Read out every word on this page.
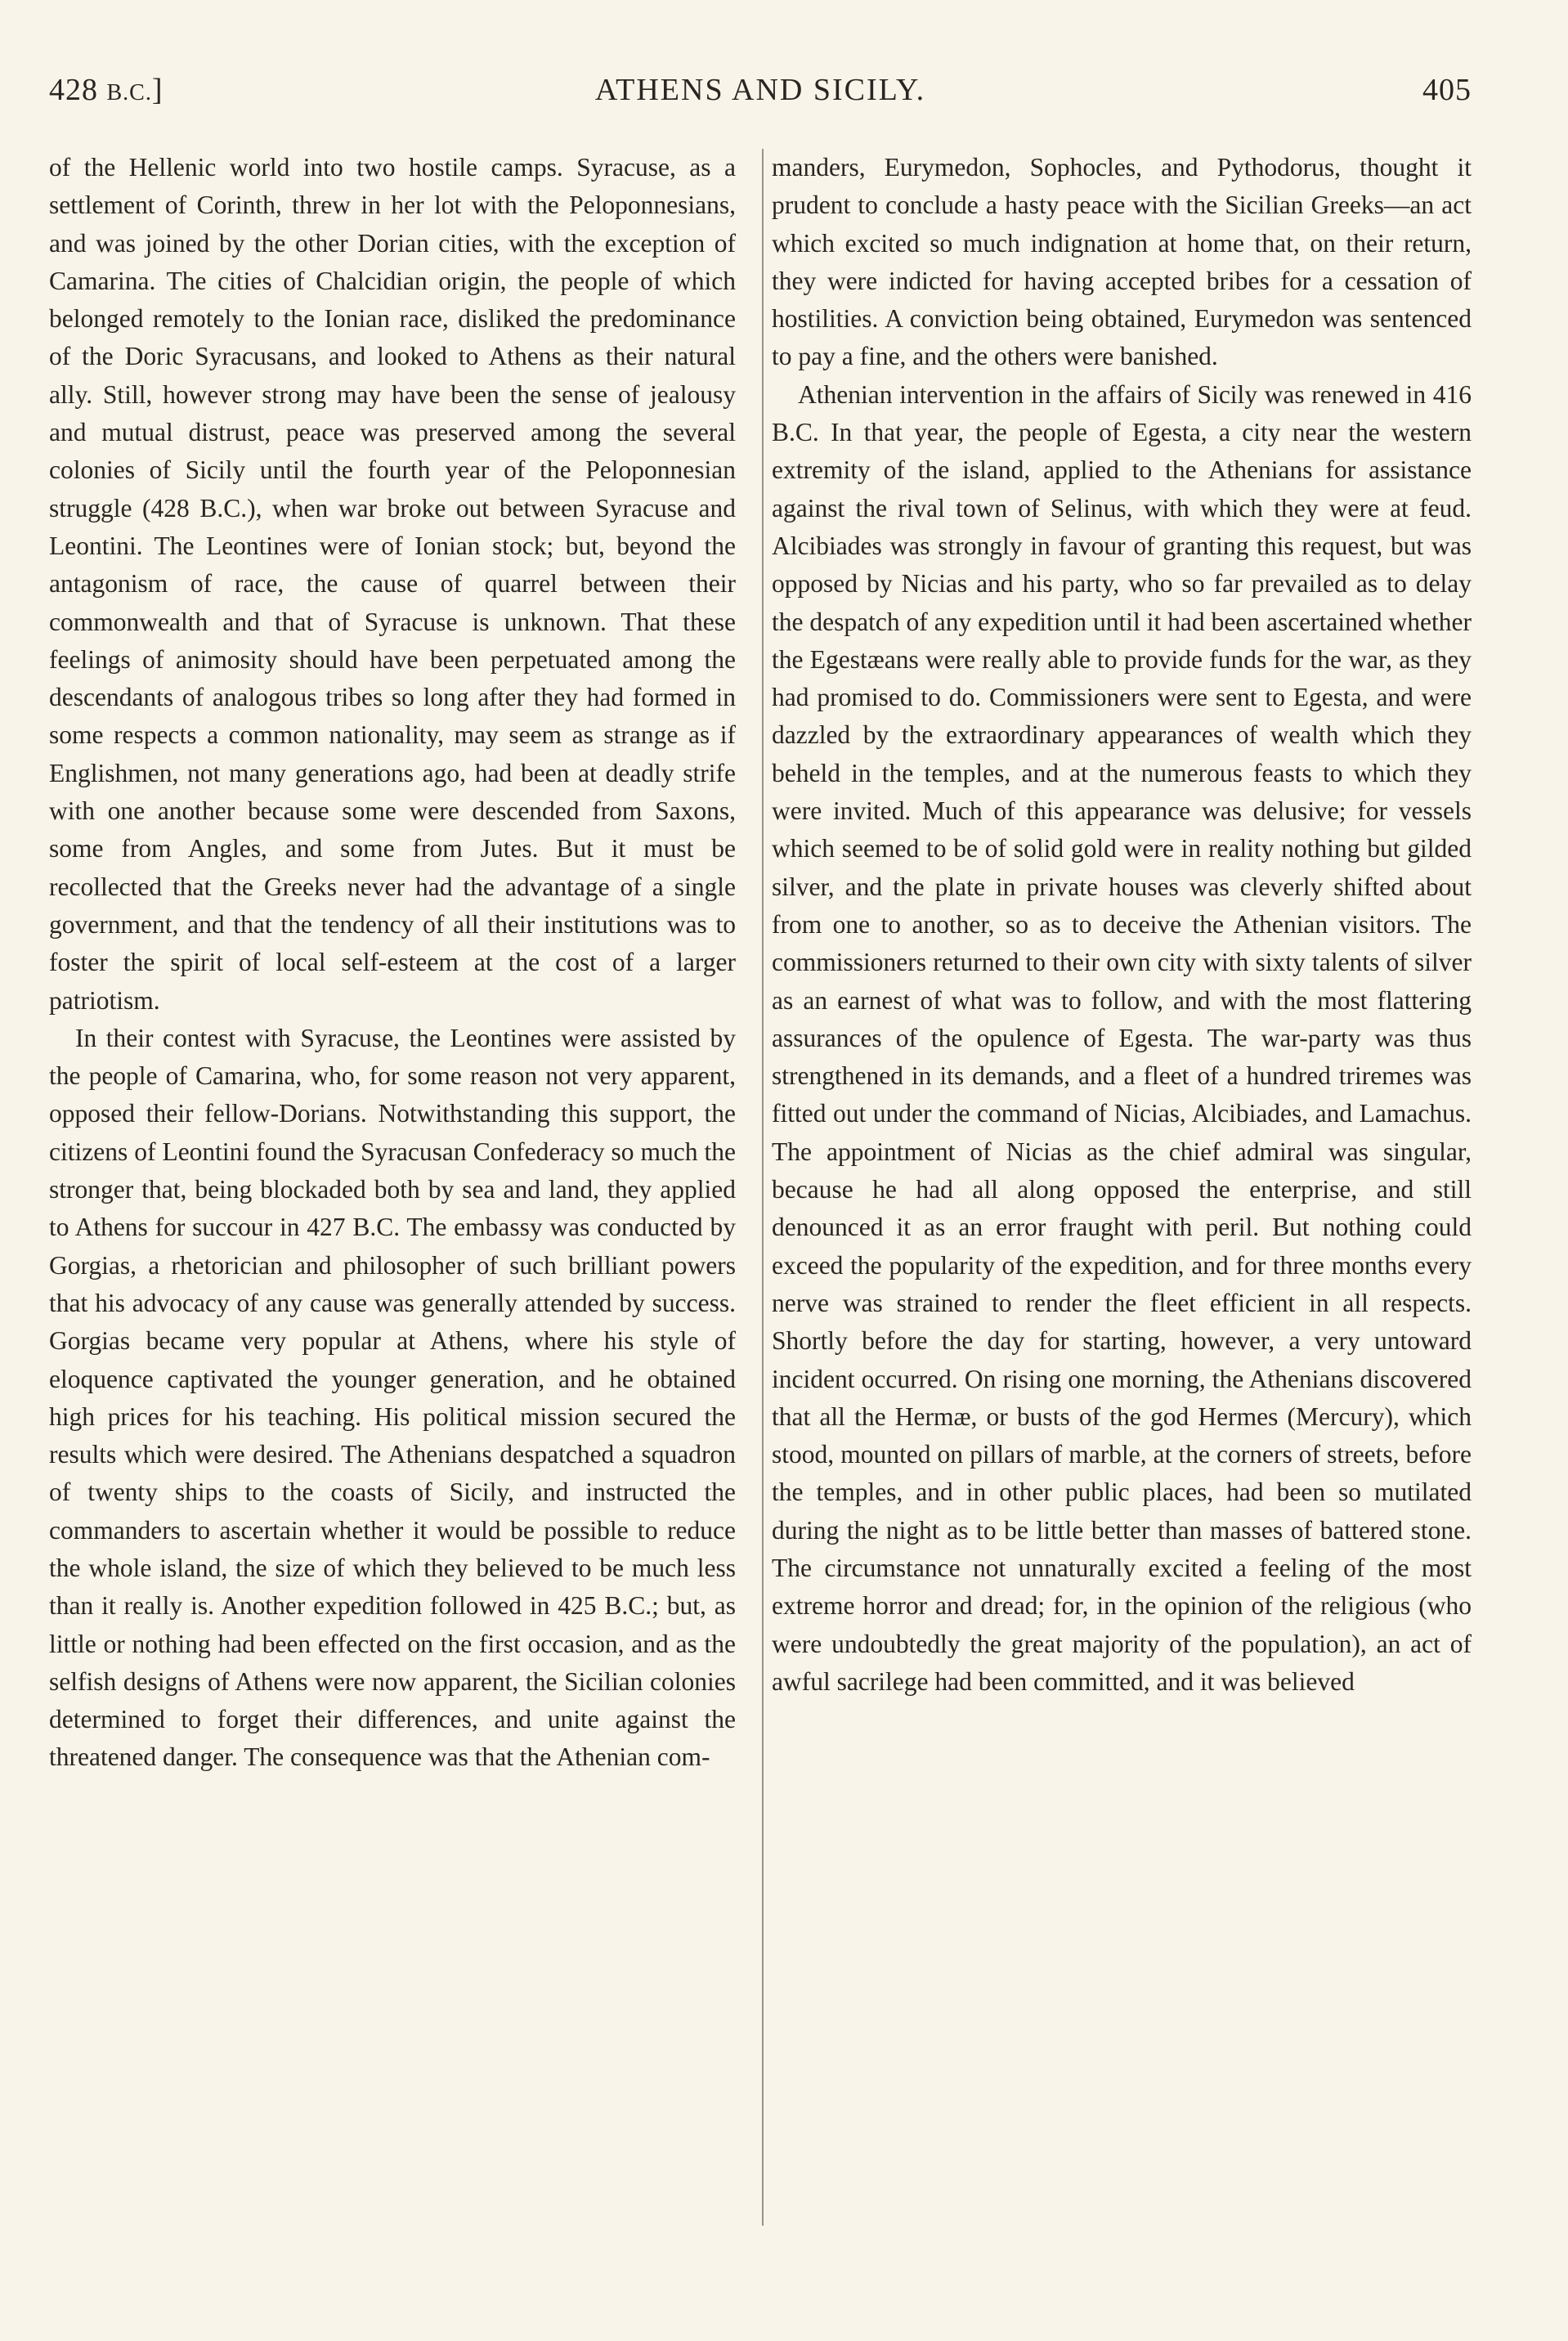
428 B.C.]	ATHENS AND SICILY.	405

of the Hellenic world into two hostile camps. Syracuse, as a settlement of Corinth, threw in her lot with the Peloponnesians, and was joined by the other Dorian cities, with the exception of Camarina. The cities of Chalcidian origin, the people of which belonged remotely to the Ionian race, disliked the predominance of the Doric Syracusans, and looked to Athens as their natural ally. Still, however strong may have been the sense of jealousy and mutual distrust, peace was preserved among the several colonies of Sicily until the fourth year of the Peloponnesian struggle (428 B.C.), when war broke out between Syracuse and Leontini. The Leontines were of Ionian stock; but, beyond the antagonism of race, the cause of quarrel between their commonwealth and that of Syracuse is unknown. That these feelings of animosity should have been perpetuated among the descendants of analogous tribes so long after they had formed in some respects a common nationality, may seem as strange as if Englishmen, not many generations ago, had been at deadly strife with one another because some were descended from Saxons, some from Angles, and some from Jutes. But it must be recollected that the Greeks never had the advantage of a single government, and that the tendency of all their institutions was to foster the spirit of local self-esteem at the cost of a larger patriotism.

In their contest with Syracuse, the Leontines were assisted by the people of Camarina, who, for some reason not very apparent, opposed their fellow-Dorians. Notwithstanding this support, the citizens of Leontini found the Syracusan Confederacy so much the stronger that, being blockaded both by sea and land, they applied to Athens for succour in 427 B.C. The embassy was conducted by Gorgias, a rhetorician and philosopher of such brilliant powers that his advocacy of any cause was generally attended by success. Gorgias became very popular at Athens, where his style of eloquence captivated the younger generation, and he obtained high prices for his teaching. His political mission secured the results which were desired. The Athenians despatched a squadron of twenty ships to the coasts of Sicily, and instructed the commanders to ascertain whether it would be possible to reduce the whole island, the size of which they believed to be much less than it really is. Another expedition followed in 425 B.C.; but, as little or nothing had been effected on the first occasion, and as the selfish designs of Athens were now apparent, the Sicilian colonies determined to forget their differences, and unite against the threatened danger. The consequence was that the Athenian com-

manders, Eurymedon, Sophocles, and Pythodorus, thought it prudent to conclude a hasty peace with the Sicilian Greeks—an act which excited so much indignation at home that, on their return, they were indicted for having accepted bribes for a cessation of hostilities. A conviction being obtained, Eurymedon was sentenced to pay a fine, and the others were banished.

Athenian intervention in the affairs of Sicily was renewed in 416 B.C. In that year, the people of Egesta, a city near the western extremity of the island, applied to the Athenians for assistance against the rival town of Selinus, with which they were at feud. Alcibiades was strongly in favour of granting this request, but was opposed by Nicias and his party, who so far prevailed as to delay the despatch of any expedition until it had been ascertained whether the Egestæans were really able to provide funds for the war, as they had promised to do. Commissioners were sent to Egesta, and were dazzled by the extraordinary appearances of wealth which they beheld in the temples, and at the numerous feasts to which they were invited. Much of this appearance was delusive; for vessels which seemed to be of solid gold were in reality nothing but gilded silver, and the plate in private houses was cleverly shifted about from one to another, so as to deceive the Athenian visitors. The commissioners returned to their own city with sixty talents of silver as an earnest of what was to follow, and with the most flattering assurances of the opulence of Egesta. The war-party was thus strengthened in its demands, and a fleet of a hundred triremes was fitted out under the command of Nicias, Alcibiades, and Lamachus. The appointment of Nicias as the chief admiral was singular, because he had all along opposed the enterprise, and still denounced it as an error fraught with peril. But nothing could exceed the popularity of the expedition, and for three months every nerve was strained to render the fleet efficient in all respects. Shortly before the day for starting, however, a very untoward incident occurred. On rising one morning, the Athenians discovered that all the Hermæ, or busts of the god Hermes (Mercury), which stood, mounted on pillars of marble, at the corners of streets, before the temples, and in other public places, had been so mutilated during the night as to be little better than masses of battered stone. The circumstance not unnaturally excited a feeling of the most extreme horror and dread; for, in the opinion of the religious (who were undoubtedly the great majority of the population), an act of awful sacrilege had been committed, and it was believed
